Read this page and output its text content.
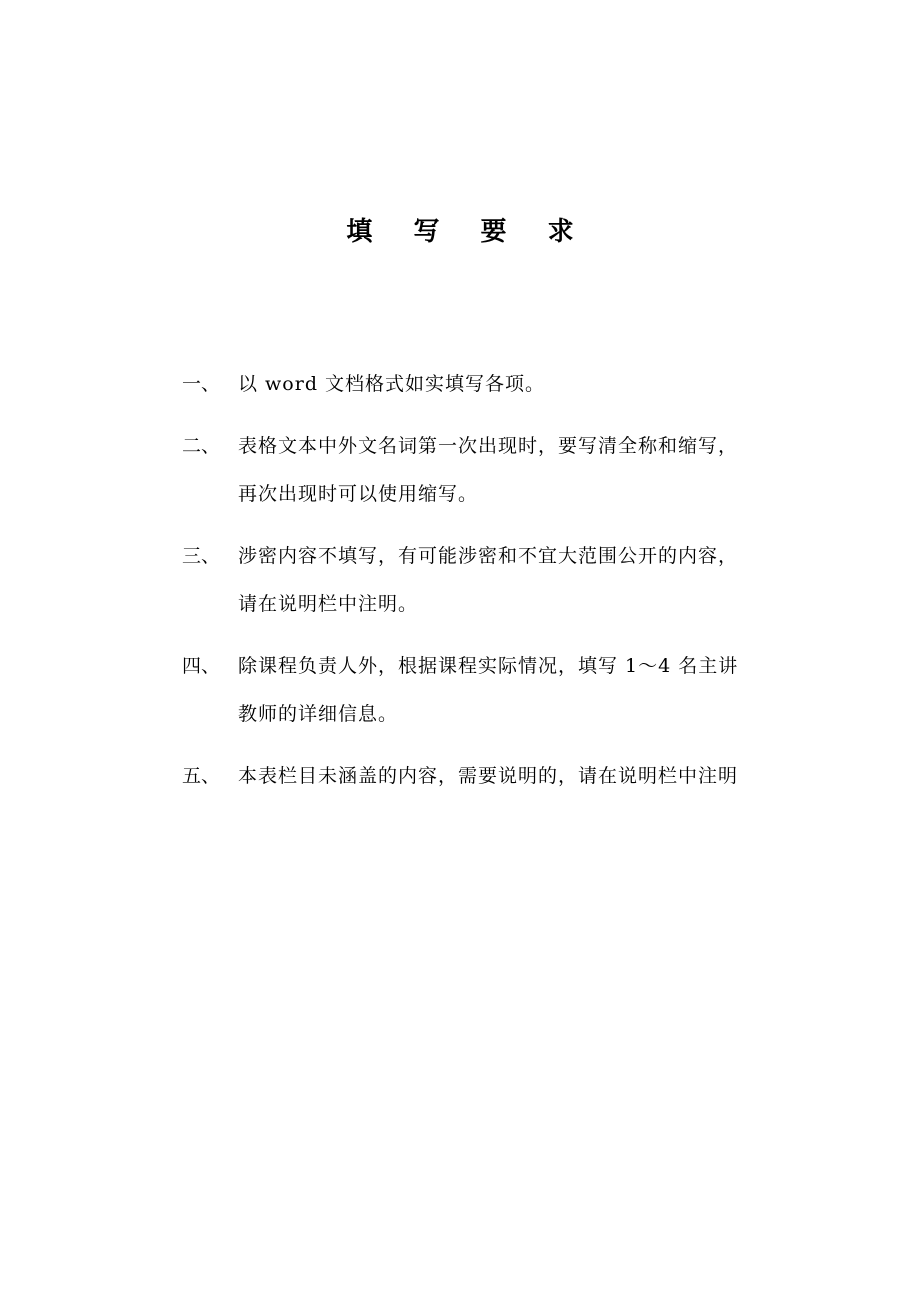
填 写 要 求
一、 以 word 文档格式如实填写各项。
二、 表格文本中外文名词第一次出现时，要写清全称和缩写，
再次出现时可以使用缩写。
三、 涉密内容不填写，有可能涉密和不宜大范围公开的内容，
请在说明栏中注明。
四、 除课程负责人外，根据课程实际情况，填写 1～4 名主讲
教师的详细信息。
五、 本表栏目未涵盖的内容，需要说明的，请在说明栏中注明
